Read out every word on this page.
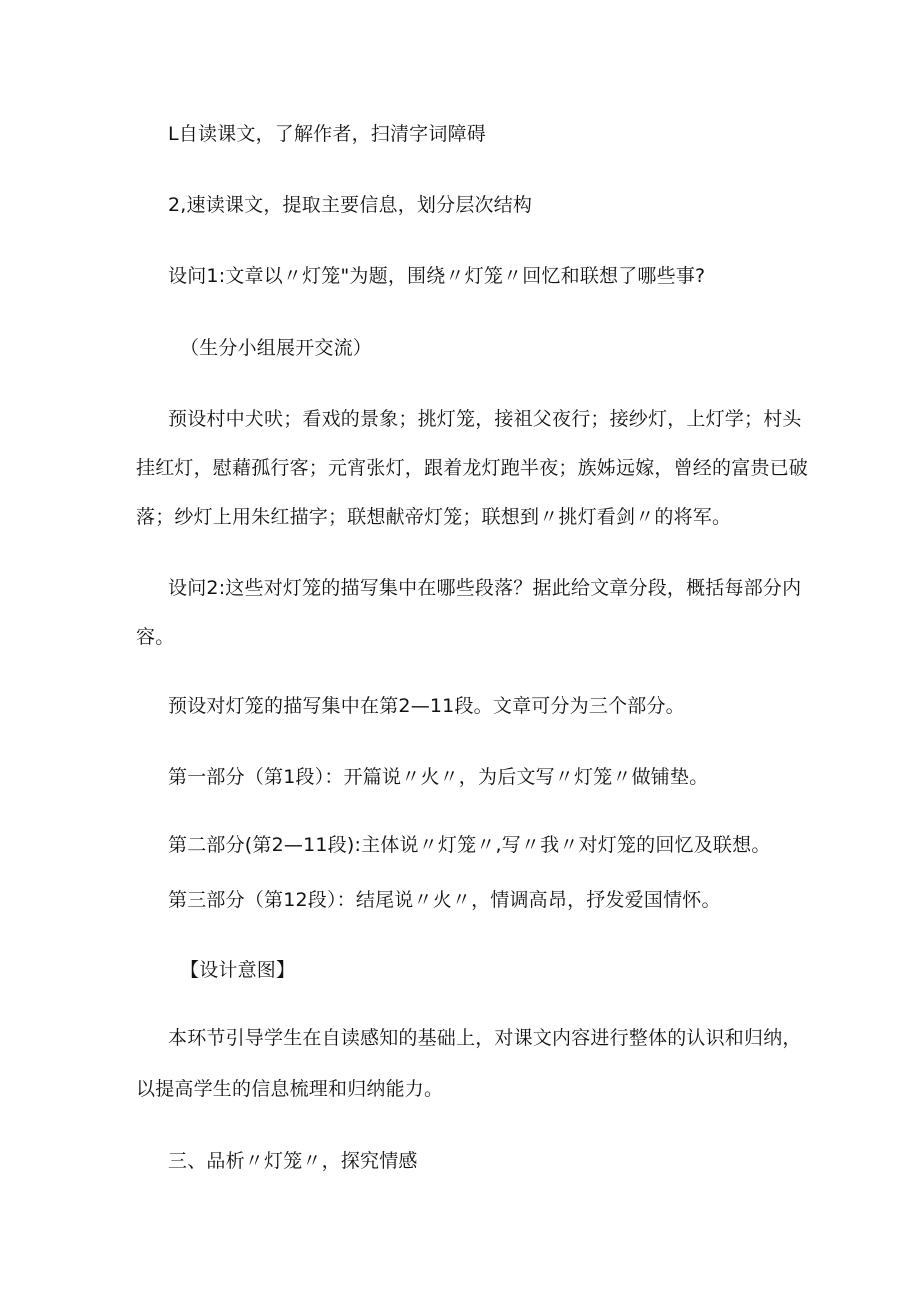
L自读课文，了解作者，扫清字词障碍
2,速读课文，提取主要信息，划分层次结构
设问1:文章以〃灯笼"为题，围绕〃灯笼〃回忆和联想了哪些事?
（生分小组展开交流）
预设村中犬吠；看戏的景象；挑灯笼，接祖父夜行；接纱灯，上灯学；村头
挂红灯，慰藉孤行客；元宵张灯，跟着龙灯跑半夜；族姊远嫁，曾经的富贵已破
落；纱灯上用朱红描字；联想献帝灯笼；联想到〃挑灯看剑〃的将军。
设问2:这些对灯笼的描写集中在哪些段落？据此给文章分段，概括每部分内
容。
预设对灯笼的描写集中在第2—11段。文章可分为三个部分。
第一部分（第1段）：开篇说〃火〃，为后文写〃灯笼〃做铺垫。
第二部分(第2—11段):主体说〃灯笼〃,写〃我〃对灯笼的回忆及联想。
第三部分（第12段）：结尾说〃火〃，情调高昂，抒发爱国情怀。
【设计意图】
本环节引导学生在自读感知的基础上，对课文内容进行整体的认识和归纳，
以提高学生的信息梳理和归纳能力。
三、品析〃灯笼〃，探究情感
